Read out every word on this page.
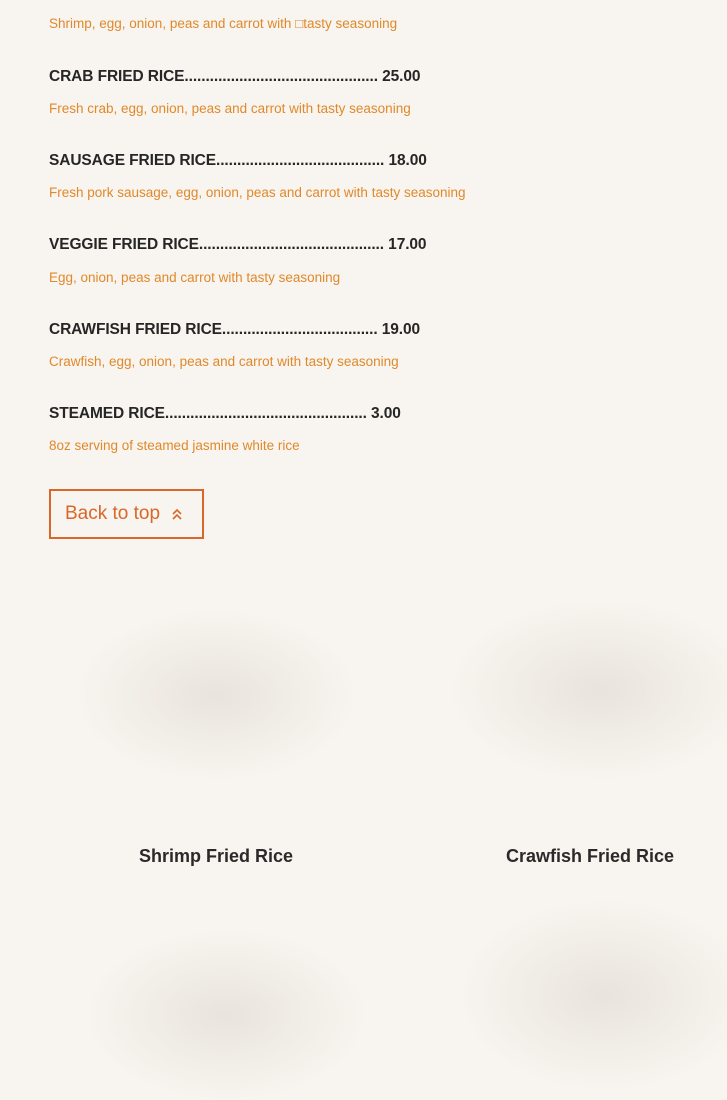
Shrimp, egg, onion, peas and carrot with □tasty seasoning
CRAB FRIED RICE.............................................. 25.00
Fresh crab, egg, onion, peas and carrot with tasty seasoning
SAUSAGE FRIED RICE........................................ 18.00
Fresh pork sausage, egg, onion, peas and carrot with tasty seasoning
VEGGIE FRIED RICE............................................ 17.00
Egg, onion, peas and carrot with tasty seasoning
CRAWFISH FRIED RICE..................................... 19.00
Crawfish, egg, onion, peas and carrot with tasty seasoning
STEAMED RICE................................................ 3.00
8oz serving of steamed jasmine white rice
Back to top
Shrimp Fried Rice	Crawfish Fried Rice
